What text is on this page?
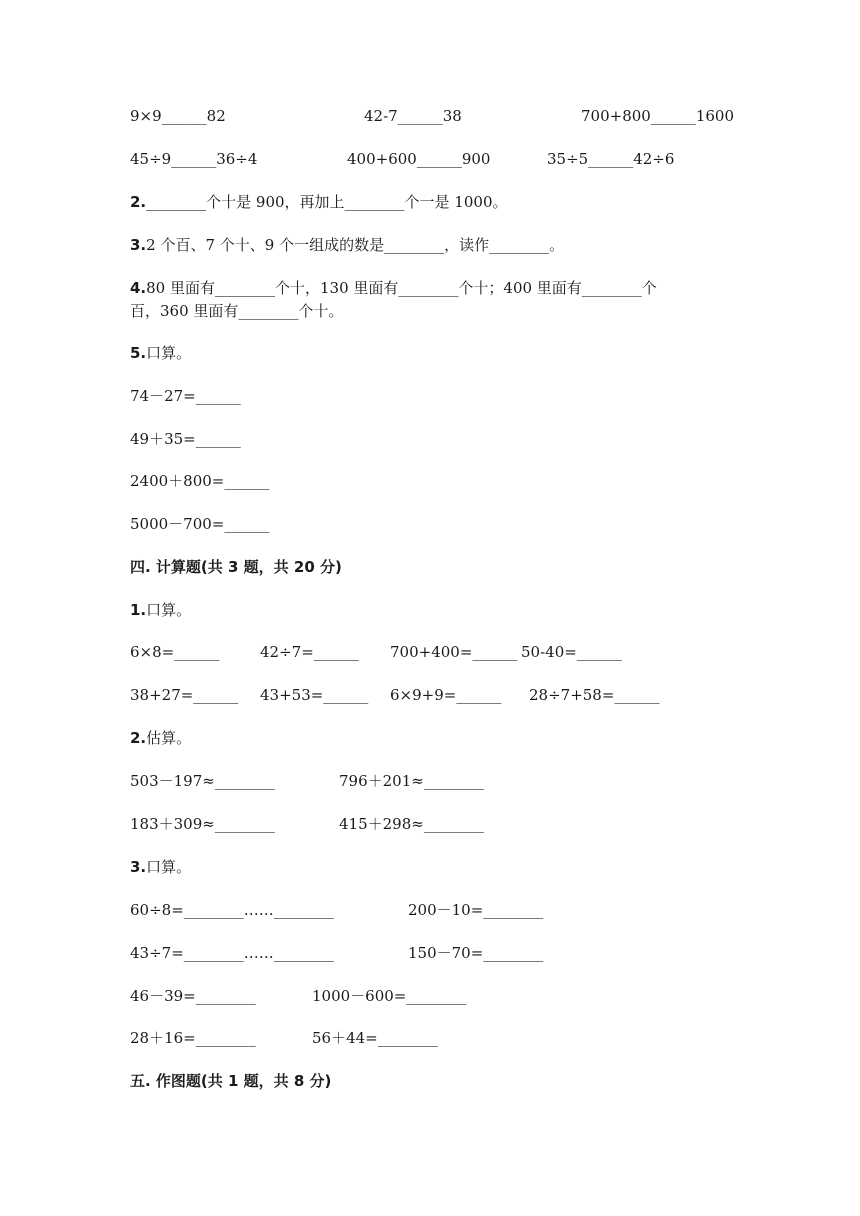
9×9______82	42-7______38	700+800______1600
45÷9______36÷4	400+600______900	35÷5______42÷6
2.________个十是 900，再加上________个一是 1000。
3.2 个百、7 个十、9 个一组成的数是________，读作________。
4.80 里面有________个十，130 里面有________个十；400 里面有________个
百，360 里面有________个十。
5.口算。
74－27=______
49＋35=______
2400＋800=______
5000－700=______
四. 计算题(共 3 题，共 20 分)
1.口算。
6×8=______	42÷7=______ 700+400=______ 50-40=______
38+27=______ 43+53=______ 6×9+9=______ 28÷7+58=______
2.估算。
503－197≈________	796＋201≈________
183＋309≈________	415＋298≈________
3.口算。
60÷8=________……________	200－10=________
43÷7=________……________	150－70=________
46－39=________	1000－600=________
28＋16=________	56＋44=________
五. 作图题(共 1 题，共 8 分)
